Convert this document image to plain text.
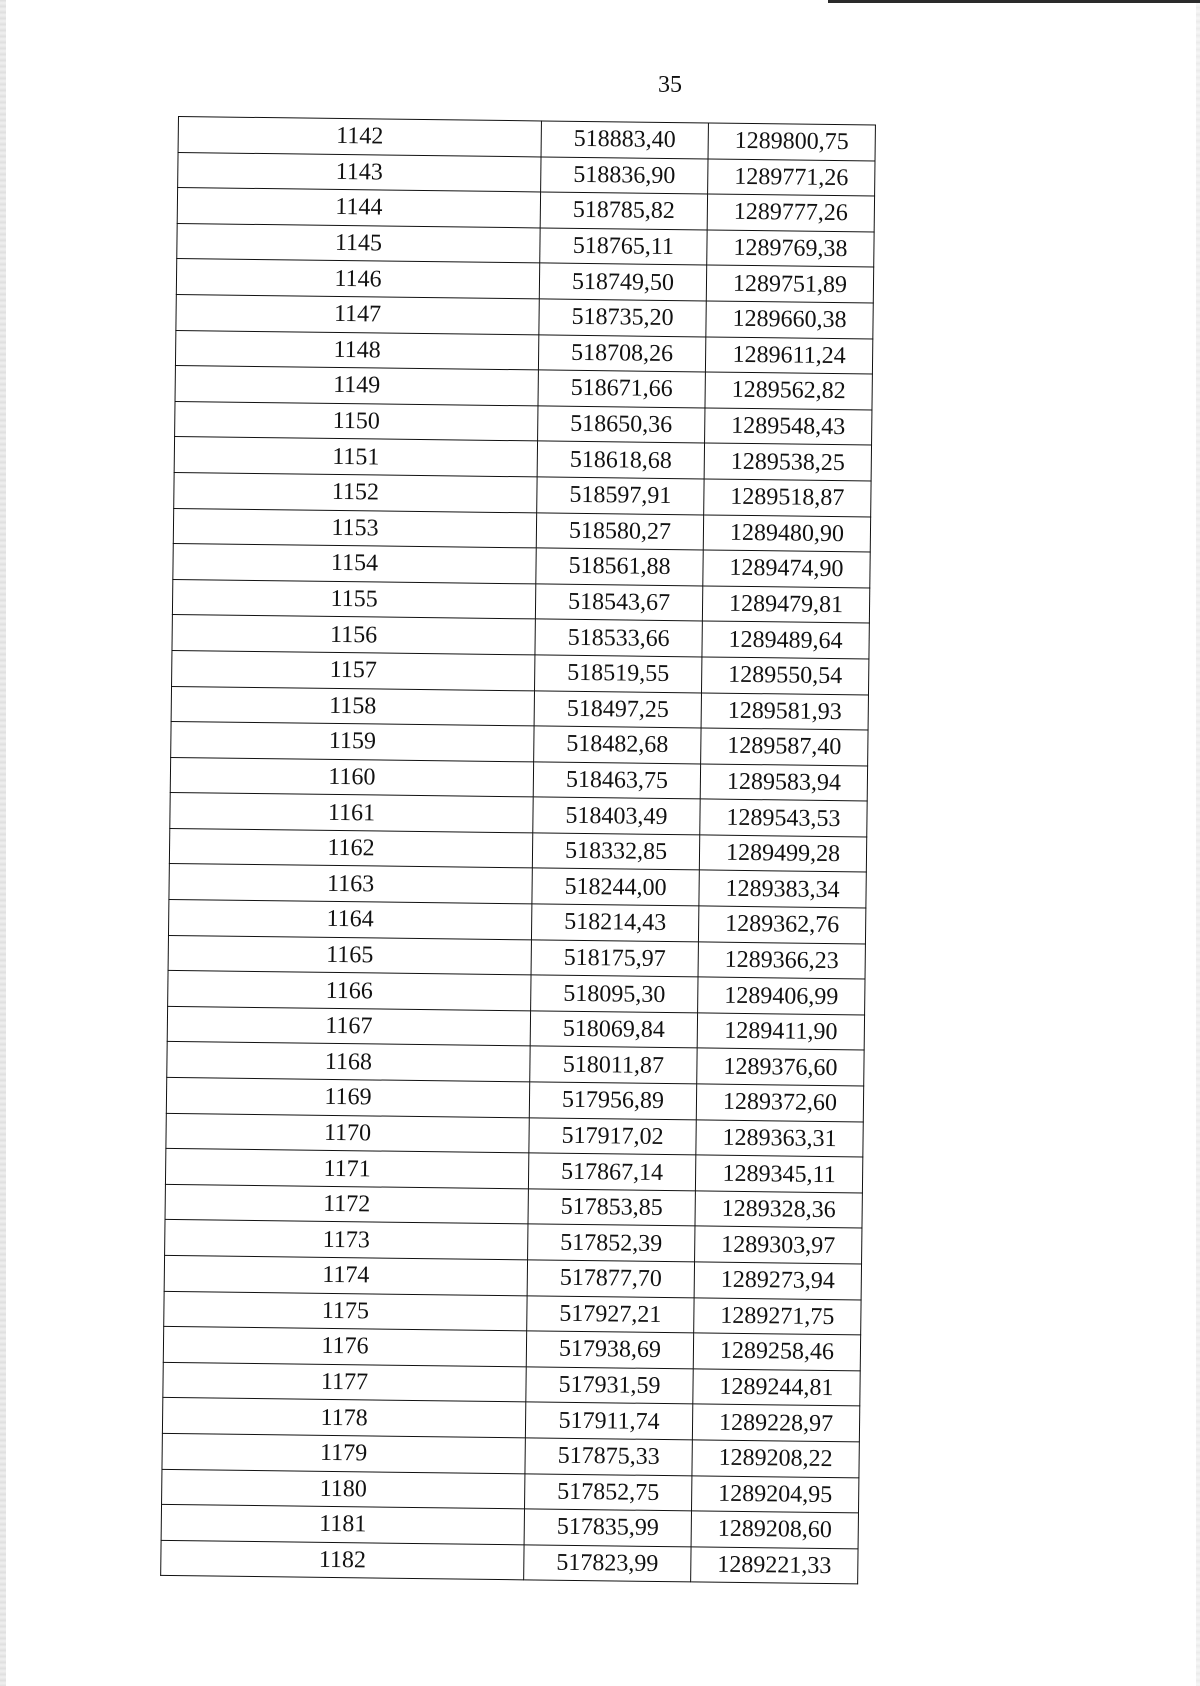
35
1142	518883,40	1289800,75
1143	518836,90	1289771,26
1144	518785,82	1289777,26
1145	518765,11	1289769,38
1146	518749,50	1289751,89
1147	518735,20	1289660,38
1148	518708,26	1289611,24
1149	518671,66	1289562,82
1150	518650,36	1289548,43
1151	518618,68	1289538,25
1152	518597,91	1289518,87
1153	518580,27	1289480,90
1154	518561,88	1289474,90
1155	518543,67	1289479,81
1156	518533,66	1289489,64
1157	518519,55	1289550,54
1158	518497,25	1289581,93
1159	518482,68	1289587,40
1160	518463,75	1289583,94
1161	518403,49	1289543,53
1162	518332,85	1289499,28
1163	518244,00	1289383,34
1164	518214,43	1289362,76
1165	518175,97	1289366,23
1166	518095,30	1289406,99
1167	518069,84	1289411,90
1168	518011,87	1289376,60
1169	517956,89	1289372,60
1170	517917,02	1289363,31
1171	517867,14	1289345,11
1172	517853,85	1289328,36
1173	517852,39	1289303,97
1174	517877,70	1289273,94
1175	517927,21	1289271,75
1176	517938,69	1289258,46
1177	517931,59	1289244,81
1178	517911,74	1289228,97
1179	517875,33	1289208,22
1180	517852,75	1289204,95
1181	517835,99	1289208,60
1182	517823,99	1289221,33
